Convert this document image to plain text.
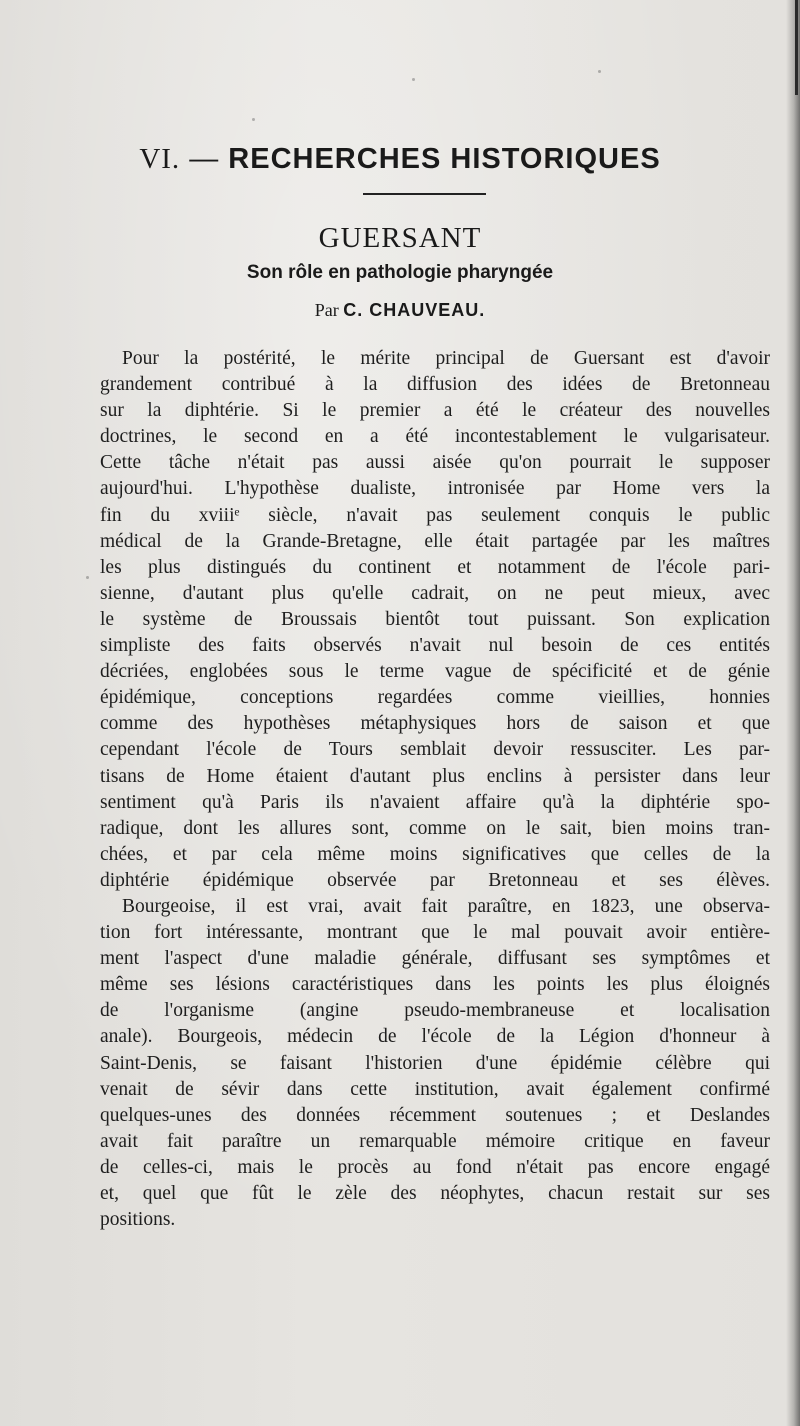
VI. — RECHERCHES HISTORIQUES
GUERSANT
Son rôle en pathologie pharyngée
Par C. CHAUVEAU.
Pour la postérité, le mérite principal de Guersant est d'avoir
grandement contribué à la diffusion des idées de Bretonneau
sur la diphtérie. Si le premier a été le créateur des nouvelles
doctrines, le second en a été incontestablement le vulgarisateur.
Cette tâche n'était pas aussi aisée qu'on pourrait le supposer
aujourd'hui. L'hypothèse dualiste, intronisée par Home vers la
fin du xviiiᵉ siècle, n'avait pas seulement conquis le public
médical de la Grande-Bretagne, elle était partagée par les maîtres
les plus distingués du continent et notamment de l'école pari-
sienne, d'autant plus qu'elle cadrait, on ne peut mieux, avec
le système de Broussais bientôt tout puissant. Son explication
simpliste des faits observés n'avait nul besoin de ces entités
décriées, englobées sous le terme vague de spécificité et de génie
épidémique, conceptions regardées comme vieillies, honnies
comme des hypothèses métaphysiques hors de saison et que
cependant l'école de Tours semblait devoir ressusciter. Les par-
tisans de Home étaient d'autant plus enclins à persister dans leur
sentiment qu'à Paris ils n'avaient affaire qu'à la diphtérie spo-
radique, dont les allures sont, comme on le sait, bien moins tran-
chées, et par cela même moins significatives que celles de la
diphtérie épidémique observée par Bretonneau et ses élèves.
Bourgeoise, il est vrai, avait fait paraître, en 1823, une observa-
tion fort intéressante, montrant que le mal pouvait avoir entière-
ment l'aspect d'une maladie générale, diffusant ses symptômes et
même ses lésions caractéristiques dans les points les plus éloignés
de l'organisme (angine pseudo-membraneuse et localisation
anale). Bourgeois, médecin de l'école de la Légion d'honneur à
Saint-Denis, se faisant l'historien d'une épidémie célèbre qui
venait de sévir dans cette institution, avait également confirmé
quelques-unes des données récemment soutenues ; et Deslandes
avait fait paraître un remarquable mémoire critique en faveur
de celles-ci, mais le procès au fond n'était pas encore engagé
et, quel que fût le zèle des néophytes, chacun restait sur ses
positions.
